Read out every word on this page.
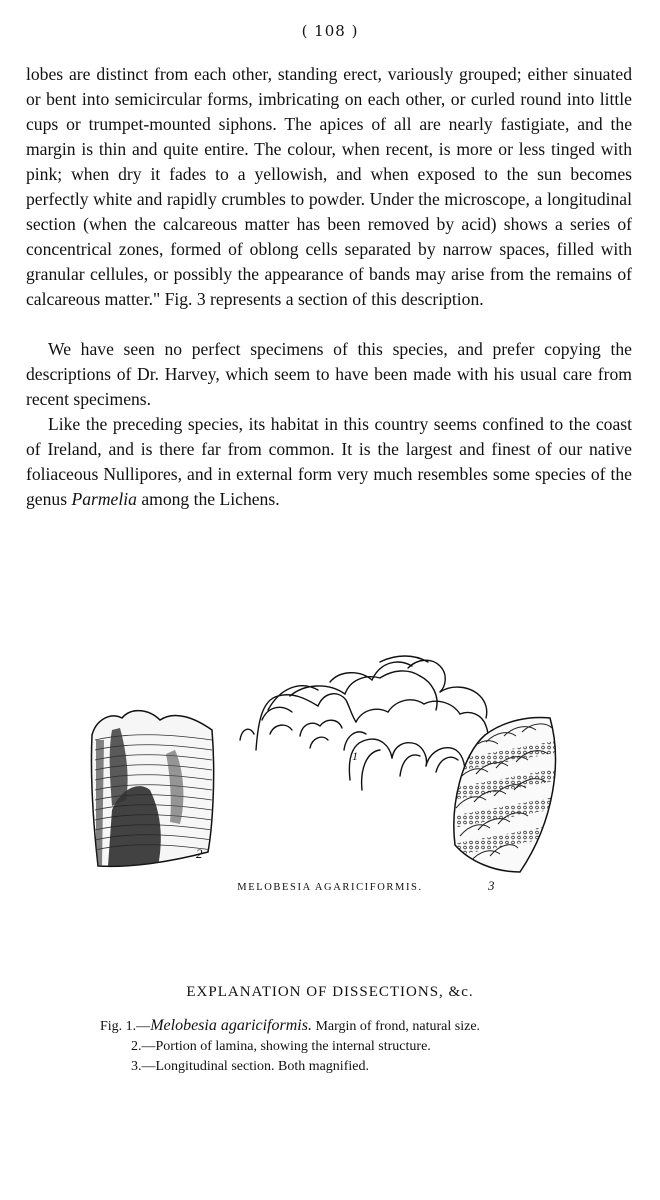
( 108 )

lobes are distinct from each other, standing erect, variously grouped; either sinuated or bent into semicircular forms, imbricating on each other, or curled round into little cups or trumpet-mounted siphons. The apices of all are nearly fastigiate, and the margin is thin and quite entire. The colour, when recent, is more or less tinged with pink; when dry it fades to a yellowish, and when exposed to the sun becomes perfectly white and rapidly crumbles to powder. Under the microscope, a longitudinal section (when the calcareous matter has been removed by acid) shows a series of concentrical zones, formed of oblong cells separated by narrow spaces, filled with granular cellules, or possibly the appearance of bands may arise from the remains of calcareous matter." Fig. 3 represents a section of this description.

We have seen no perfect specimens of this species, and prefer copying the descriptions of Dr. Harvey, which seem to have been made with his usual care from recent specimens.

Like the preceding species, its habitat in this country seems confined to the coast of Ireland, and is there far from common. It is the largest and finest of our native foliaceous Nullipores, and in external form very much resembles some species of the genus Parmelia among the Lichens.

1
2
3
MELOBESIA AGARICIFORMIS.
EXPLANATION OF DISSECTIONS, &c.
Fig. 1.—Melobesia agariciformis. Margin of frond, natural size.
2.—Portion of lamina, showing the internal structure.
3.—Longitudinal section. Both magnified.
